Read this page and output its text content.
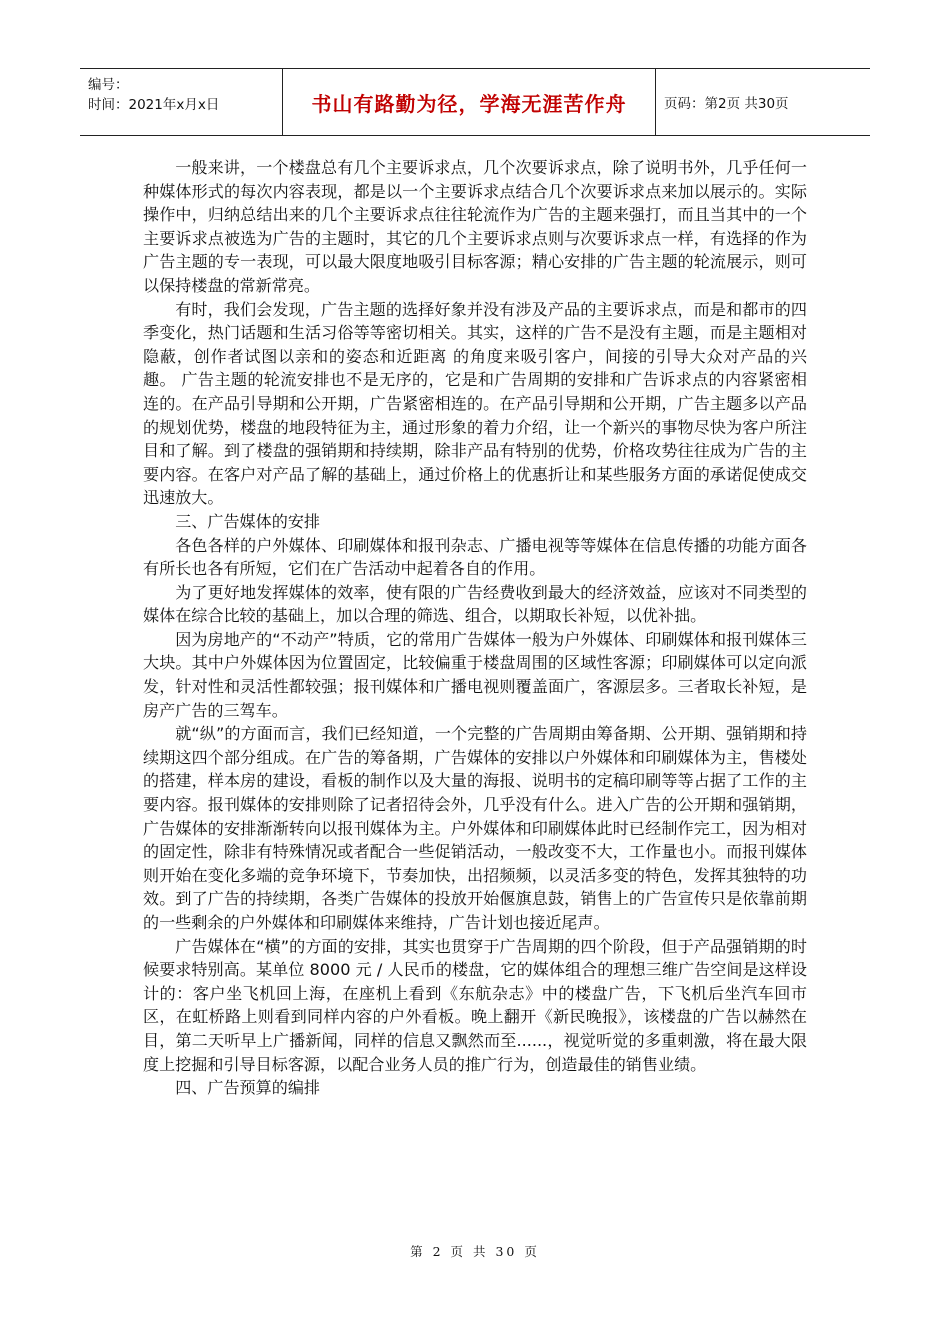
编号：
时间：2021年x月x日	书山有路勤为径，学海无涯苦作舟	页码：第2页 共30页

一般来讲，一个楼盘总有几个主要诉求点，几个次要诉求点，除了说明书外，几乎任何一种媒体形式的每次内容表现，都是以一个主要诉求点结合几个次要诉求点来加以展示的。实际操作中，归纳总结出来的几个主要诉求点往往轮流作为广告的主题来强打，而且当其中的一个主要诉求点被选为广告的主题时，其它的几个主要诉求点则与次要诉求点一样，有选择的作为广告主题的专一表现，可以最大限度地吸引目标客源；精心安排的广告主题的轮流展示，则可以保持楼盘的常新常亮。

有时，我们会发现，广告主题的选择好象并没有涉及产品的主要诉求点，而是和都市的四季变化，热门话题和生活习俗等等密切相关。其实，这样的广告不是没有主题，而是主题相对隐蔽，创作者试图以亲和的姿态和近距离 的角度来吸引客户，间接的引导大众对产品的兴趣。 广告主题的轮流安排也不是无序的，它是和广告周期的安排和广告诉求点的内容紧密相连的。在产品引导期和公开期，广告紧密相连的。在产品引导期和公开期，广告主题多以产品的规划优势，楼盘的地段特征为主，通过形象的着力介绍，让一个新兴的事物尽快为客户所注目和了解。到了楼盘的强销期和持续期，除非产品有特别的优势，价格攻势往往成为广告的主要内容。在客户对产品了解的基础上，通过价格上的优惠折让和某些服务方面的承诺促使成交迅速放大。

三、广告媒体的安排

各色各样的户外媒体、印刷媒体和报刊杂志、广播电视等等媒体在信息传播的功能方面各有所长也各有所短，它们在广告活动中起着各自的作用。

为了更好地发挥媒体的效率，使有限的广告经费收到最大的经济效益，应该对不同类型的媒体在综合比较的基础上，加以合理的筛选、组合，以期取长补短，以优补拙。

因为房地产的“不动产”特质，它的常用广告媒体一般为户外媒体、印刷媒体和报刊媒体三大块。其中户外媒体因为位置固定，比较偏重于楼盘周围的区域性客源；印刷媒体可以定向派发，针对性和灵活性都较强；报刊媒体和广播电视则覆盖面广，客源层多。三者取长补短，是房产广告的三驾车。

就“纵”的方面而言，我们已经知道，一个完整的广告周期由筹备期、公开期、强销期和持续期这四个部分组成。在广告的筹备期，广告媒体的安排以户外媒体和印刷媒体为主，售楼处的搭建，样本房的建设，看板的制作以及大量的海报、说明书的定稿印刷等等占据了工作的主要内容。报刊媒体的安排则除了记者招待会外，几乎没有什么。进入广告的公开期和强销期，广告媒体的安排渐渐转向以报刊媒体为主。户外媒体和印刷媒体此时已经制作完工，因为相对的固定性，除非有特殊情况或者配合一些促销活动，一般改变不大，工作量也小。而报刊媒体则开始在变化多端的竞争环境下，节奏加快，出招频频，以灵活多变的特色，发挥其独特的功效。到了广告的持续期，各类广告媒体的投放开始偃旗息鼓，销售上的广告宣传只是依靠前期的一些剩余的户外媒体和印刷媒体来维持，广告计划也接近尾声。

广告媒体在“横”的方面的安排，其实也贯穿于广告周期的四个阶段，但于产品强销期的时候要求特别高。某单位 8000 元 / 人民币的楼盘，它的媒体组合的理想三维广告空间是这样设计的：客户坐飞机回上海，在座机上看到《东航杂志》中的楼盘广告，下飞机后坐汽车回市区，在虹桥路上则看到同样内容的户外看板。晚上翻开《新民晚报》，该楼盘的广告以赫然在目，第二天听早上广播新闻，同样的信息又飘然而至......，视觉听觉的多重刺激，将在最大限度上挖掘和引导目标客源，以配合业务人员的推广行为，创造最佳的销售业绩。

四、广告预算的编排

第 2 页 共 30 页
